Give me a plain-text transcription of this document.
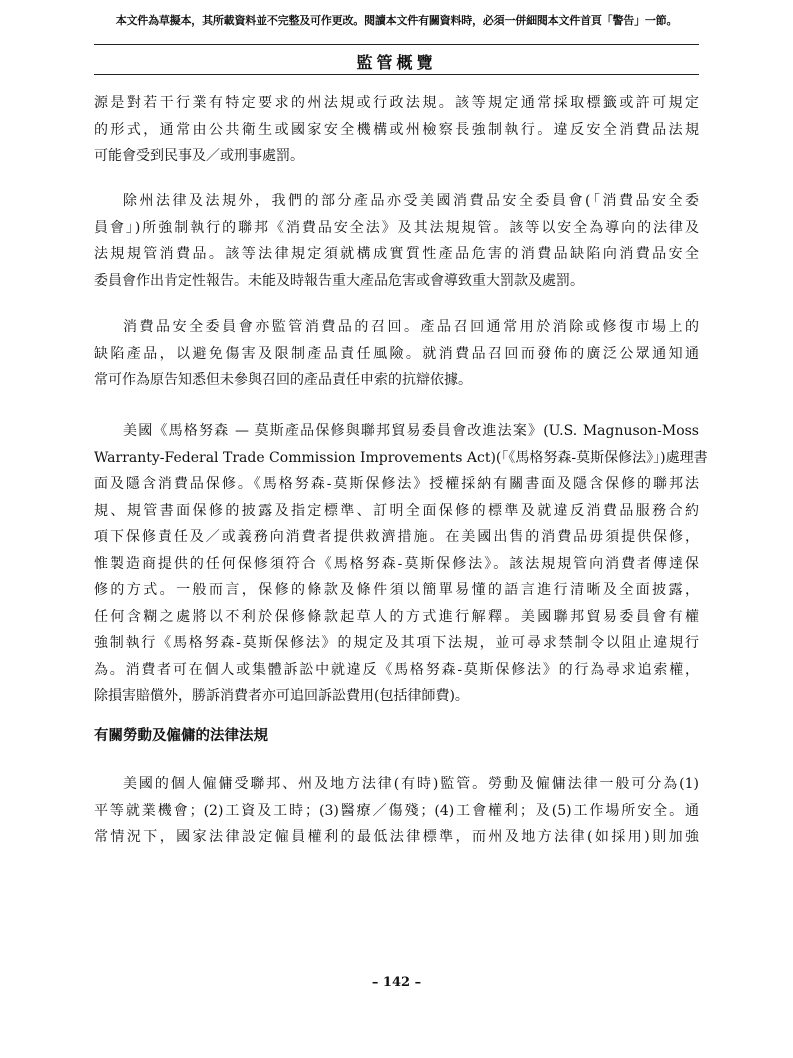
本文件為草擬本，其所載資料並不完整及可作更改。閱讀本文件有關資料時，必須一併細閱本文件首頁「警告」一節。
監管概覽
源是對若干行業有特定要求的州法規或行政法規。該等規定通常採取標籤或許可規定
的形式，通常由公共衛生或國家安全機構或州檢察長強制執行。違反安全消費品法規
可能會受到民事及／或刑事處罰。
除州法律及法規外，我們的部分產品亦受美國消費品安全委員會(「消費品安全委
員會」)所強制執行的聯邦《消費品安全法》及其法規規管。該等以安全為導向的法律及
法規規管消費品。該等法律規定須就構成實質性產品危害的消費品缺陷向消費品安全
委員會作出肯定性報告。未能及時報告重大產品危害或會導致重大罰款及處罰。
消費品安全委員會亦監管消費品的召回。產品召回通常用於消除或修復市場上的
缺陷產品，以避免傷害及限制產品責任風險。就消費品召回而發佈的廣泛公眾通知通
常可作為原告知悉但未參與召回的產品責任申索的抗辯依據。
美國《馬格努森 — 莫斯產品保修與聯邦貿易委員會改進法案》(U.S. Magnuson-Moss
Warranty-Federal Trade Commission Improvements Act)(「《馬格努森-莫斯保修法》」)處理書
面及隱含消費品保修。《馬格努森-莫斯保修法》授權採納有關書面及隱含保修的聯邦法
規、規管書面保修的披露及指定標準、訂明全面保修的標準及就違反消費品服務合約
項下保修責任及／或義務向消費者提供救濟措施。在美國出售的消費品毋須提供保修，
惟製造商提供的任何保修須符合《馬格努森-莫斯保修法》。該法規規管向消費者傳達保
修的方式。一般而言，保修的條款及條件須以簡單易懂的語言進行清晰及全面披露，
任何含糊之處將以不利於保修條款起草人的方式進行解釋。美國聯邦貿易委員會有權
強制執行《馬格努森-莫斯保修法》的規定及其項下法規，並可尋求禁制令以阻止違規行
為。消費者可在個人或集體訴訟中就違反《馬格努森-莫斯保修法》的行為尋求追索權，
除損害賠償外，勝訴消費者亦可追回訴訟費用(包括律師費)。
有關勞動及僱傭的法律法規
美國的個人僱傭受聯邦、州及地方法律(有時)監管。勞動及僱傭法律一般可分為(1)
平等就業機會；(2)工資及工時；(3)醫療／傷殘；(4)工會權利；及(5)工作場所安全。通
常情況下，國家法律設定僱員權利的最低法律標準，而州及地方法律(如採用)則加強
– 142 –
